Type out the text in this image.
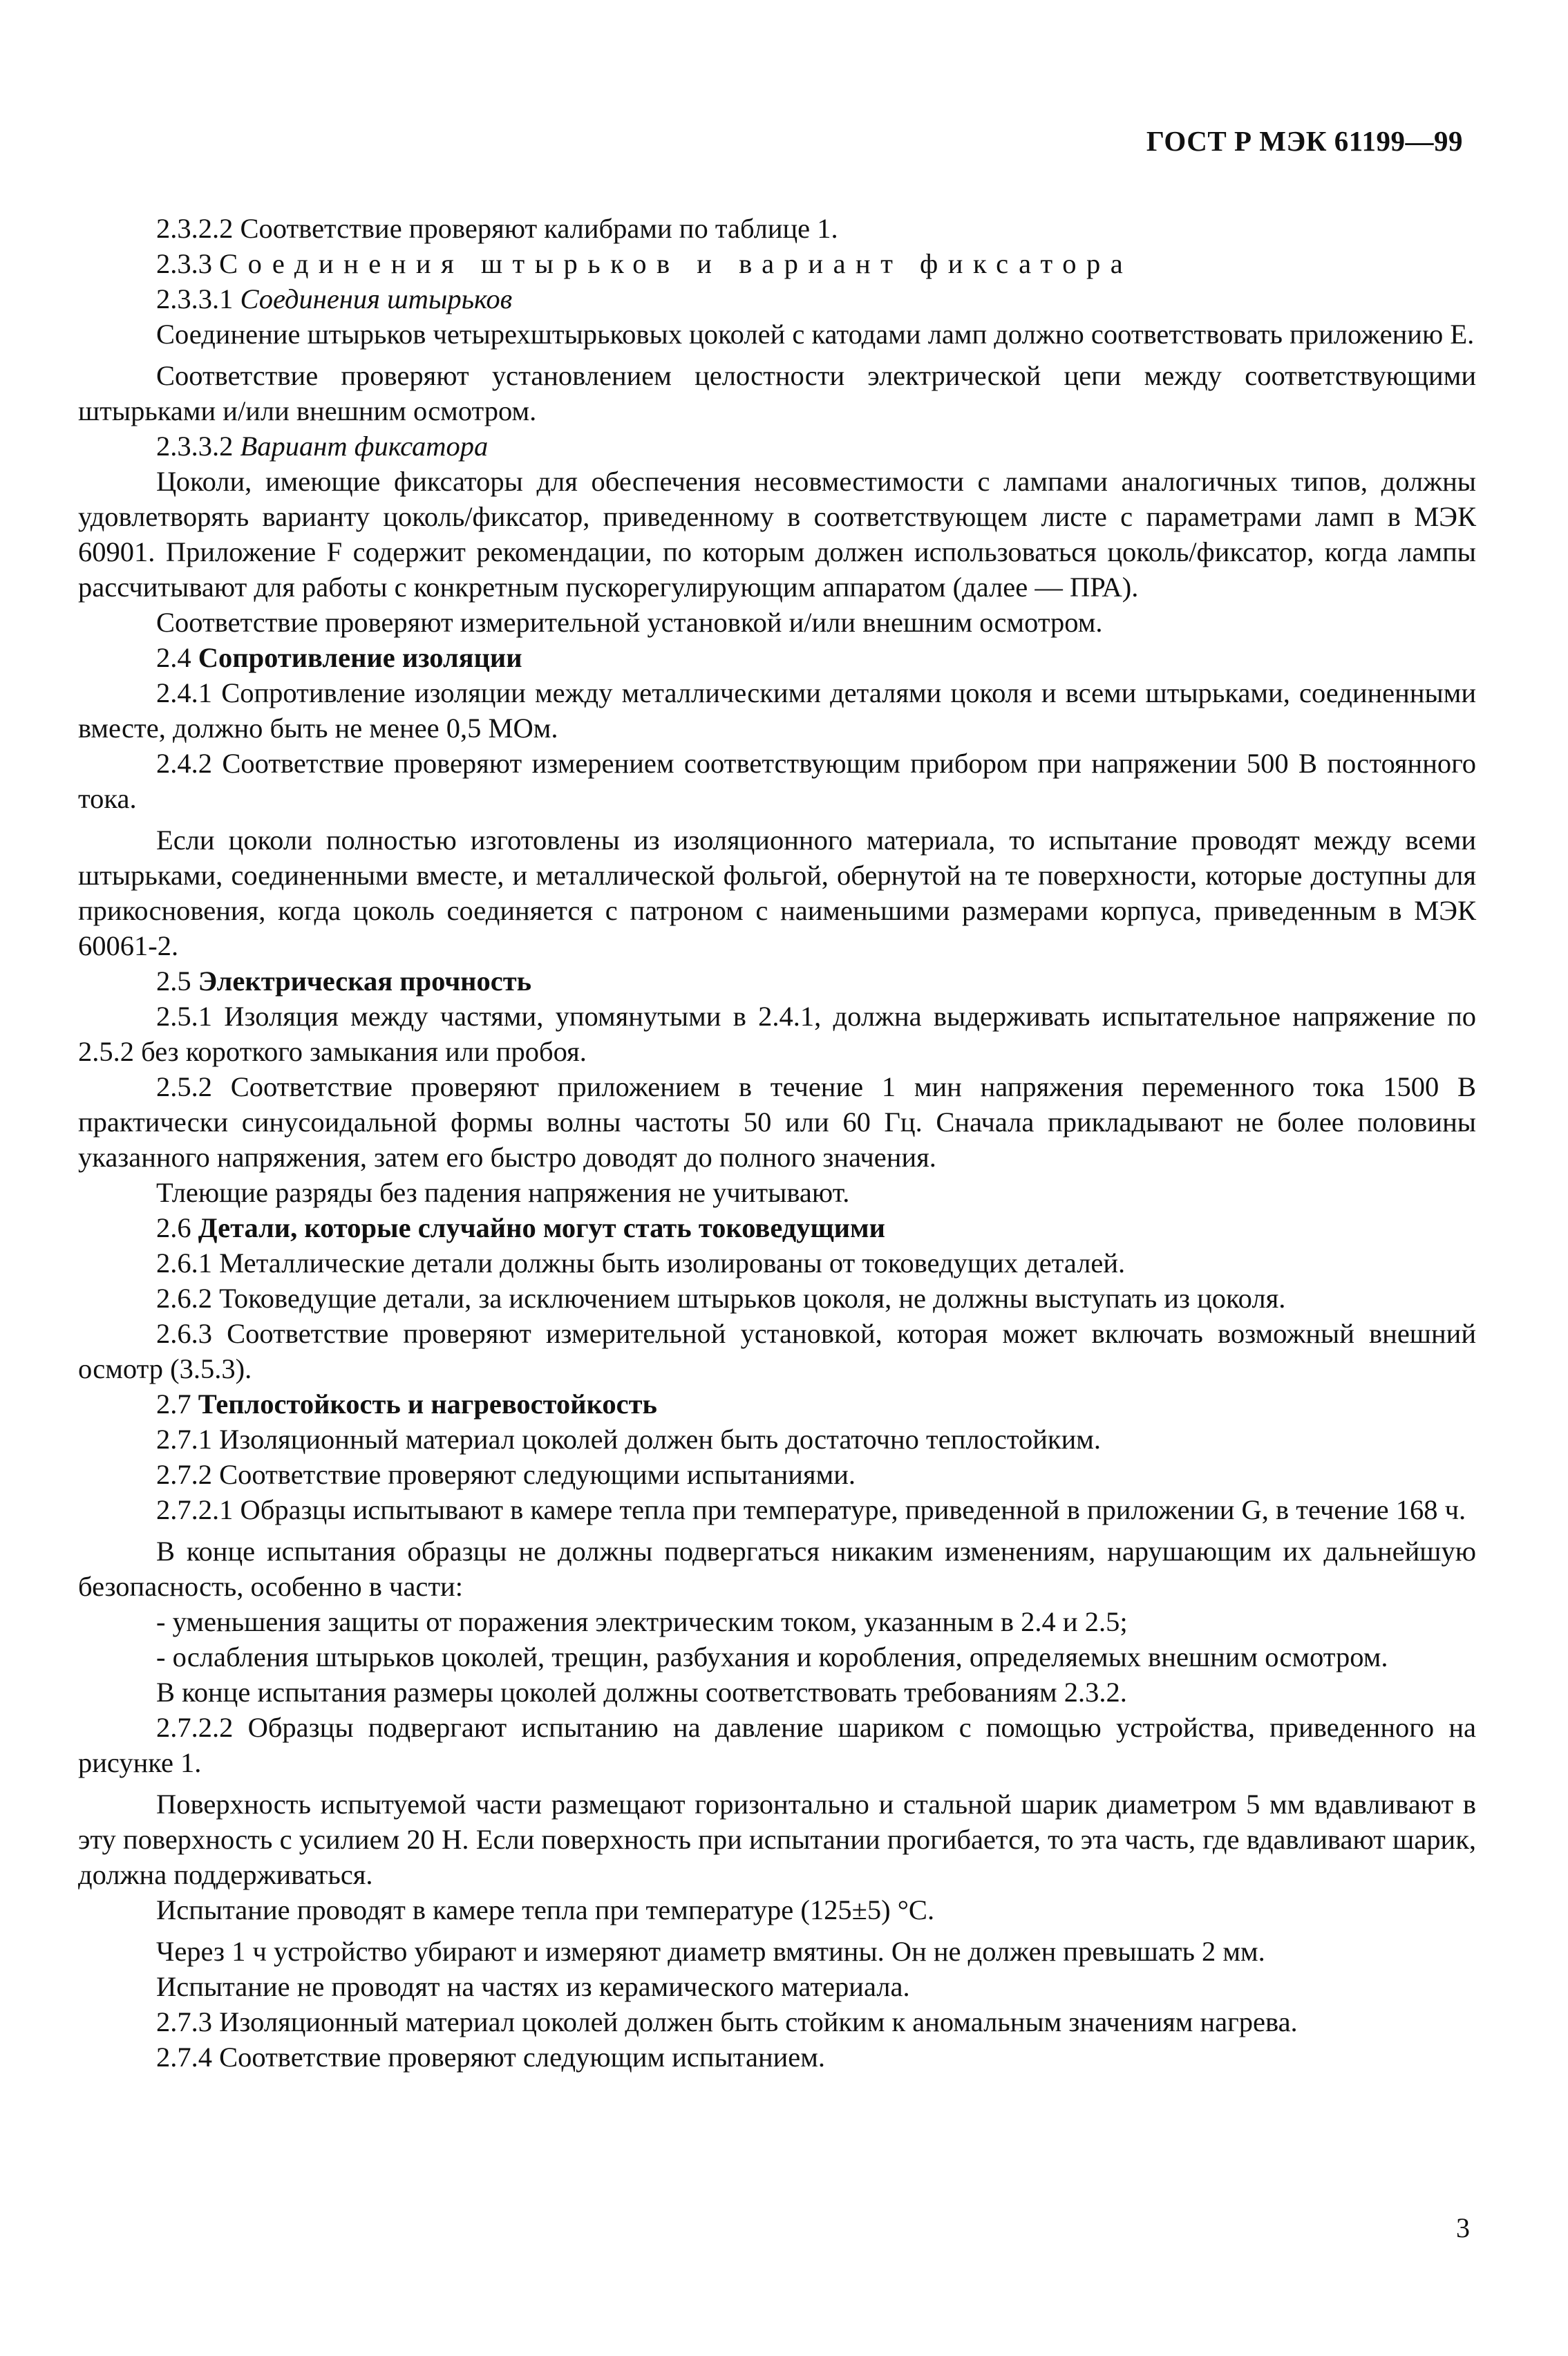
ГОСТ Р МЭК 61199—99

2.3.2.2 Соответствие проверяют калибрами по таблице 1.

2.3.3 Соединения штырьков и вариант фиксатора

2.3.3.1 Соединения штырьков

Соединение штырьков четырехштырьковых цоколей с катодами ламп должно соответствовать приложению Е.

Соответствие проверяют установлением целостности электрической цепи между соответствующими штырьками и/или внешним осмотром.

2.3.3.2 Вариант фиксатора

Цоколи, имеющие фиксаторы для обеспечения несовместимости с лампами аналогичных типов, должны удовлетворять варианту цоколь/фиксатор, приведенному в соответствующем листе с параметрами ламп в МЭК 60901. Приложение F содержит рекомендации, по которым должен использоваться цоколь/фиксатор, когда лампы рассчитывают для работы с конкретным пускорегулирующим аппаратом (далее — ПРА).

Соответствие проверяют измерительной установкой и/или внешним осмотром.

2.4 Сопротивление изоляции

2.4.1 Сопротивление изоляции между металлическими деталями цоколя и всеми штырьками, соединенными вместе, должно быть не менее 0,5 МОм.

2.4.2 Соответствие проверяют измерением соответствующим прибором при напряжении 500 В постоянного тока.

Если цоколи полностью изготовлены из изоляционного материала, то испытание проводят между всеми штырьками, соединенными вместе, и металлической фольгой, обернутой на те поверхности, которые доступны для прикосновения, когда цоколь соединяется с патроном с наименьшими размерами корпуса, приведенным в МЭК 60061-2.

2.5 Электрическая прочность

2.5.1 Изоляция между частями, упомянутыми в 2.4.1, должна выдерживать испытательное напряжение по 2.5.2 без короткого замыкания или пробоя.

2.5.2 Соответствие проверяют приложением в течение 1 мин напряжения переменного тока 1500 В практически синусоидальной формы волны частоты 50 или 60 Гц. Сначала прикладывают не более половины указанного напряжения, затем его быстро доводят до полного значения.

Тлеющие разряды без падения напряжения не учитывают.

2.6 Детали, которые случайно могут стать токоведущими

2.6.1 Металлические детали должны быть изолированы от токоведущих деталей.

2.6.2 Токоведущие детали, за исключением штырьков цоколя, не должны выступать из цоколя.

2.6.3 Соответствие проверяют измерительной установкой, которая может включать возможный внешний осмотр (3.5.3).

2.7 Теплостойкость и нагревостойкость

2.7.1 Изоляционный материал цоколей должен быть достаточно теплостойким.

2.7.2 Соответствие проверяют следующими испытаниями.

2.7.2.1 Образцы испытывают в камере тепла при температуре, приведенной в приложении G, в течение 168 ч.

В конце испытания образцы не должны подвергаться никаким изменениям, нарушающим их дальнейшую безопасность, особенно в части:

- уменьшения защиты от поражения электрическим током, указанным в 2.4 и 2.5;

- ослабления штырьков цоколей, трещин, разбухания и коробления, определяемых внешним осмотром.

В конце испытания размеры цоколей должны соответствовать требованиям 2.3.2.

2.7.2.2 Образцы подвергают испытанию на давление шариком с помощью устройства, приведенного на рисунке 1.

Поверхность испытуемой части размещают горизонтально и стальной шарик диаметром 5 мм вдавливают в эту поверхность с усилием 20 Н. Если поверхность при испытании прогибается, то эта часть, где вдавливают шарик, должна поддерживаться.

Испытание проводят в камере тепла при температуре (125±5) °С.

Через 1 ч устройство убирают и измеряют диаметр вмятины. Он не должен превышать 2 мм.

Испытание не проводят на частях из керамического материала.

2.7.3 Изоляционный материал цоколей должен быть стойким к аномальным значениям нагрева.

2.7.4 Соответствие проверяют следующим испытанием.

3
